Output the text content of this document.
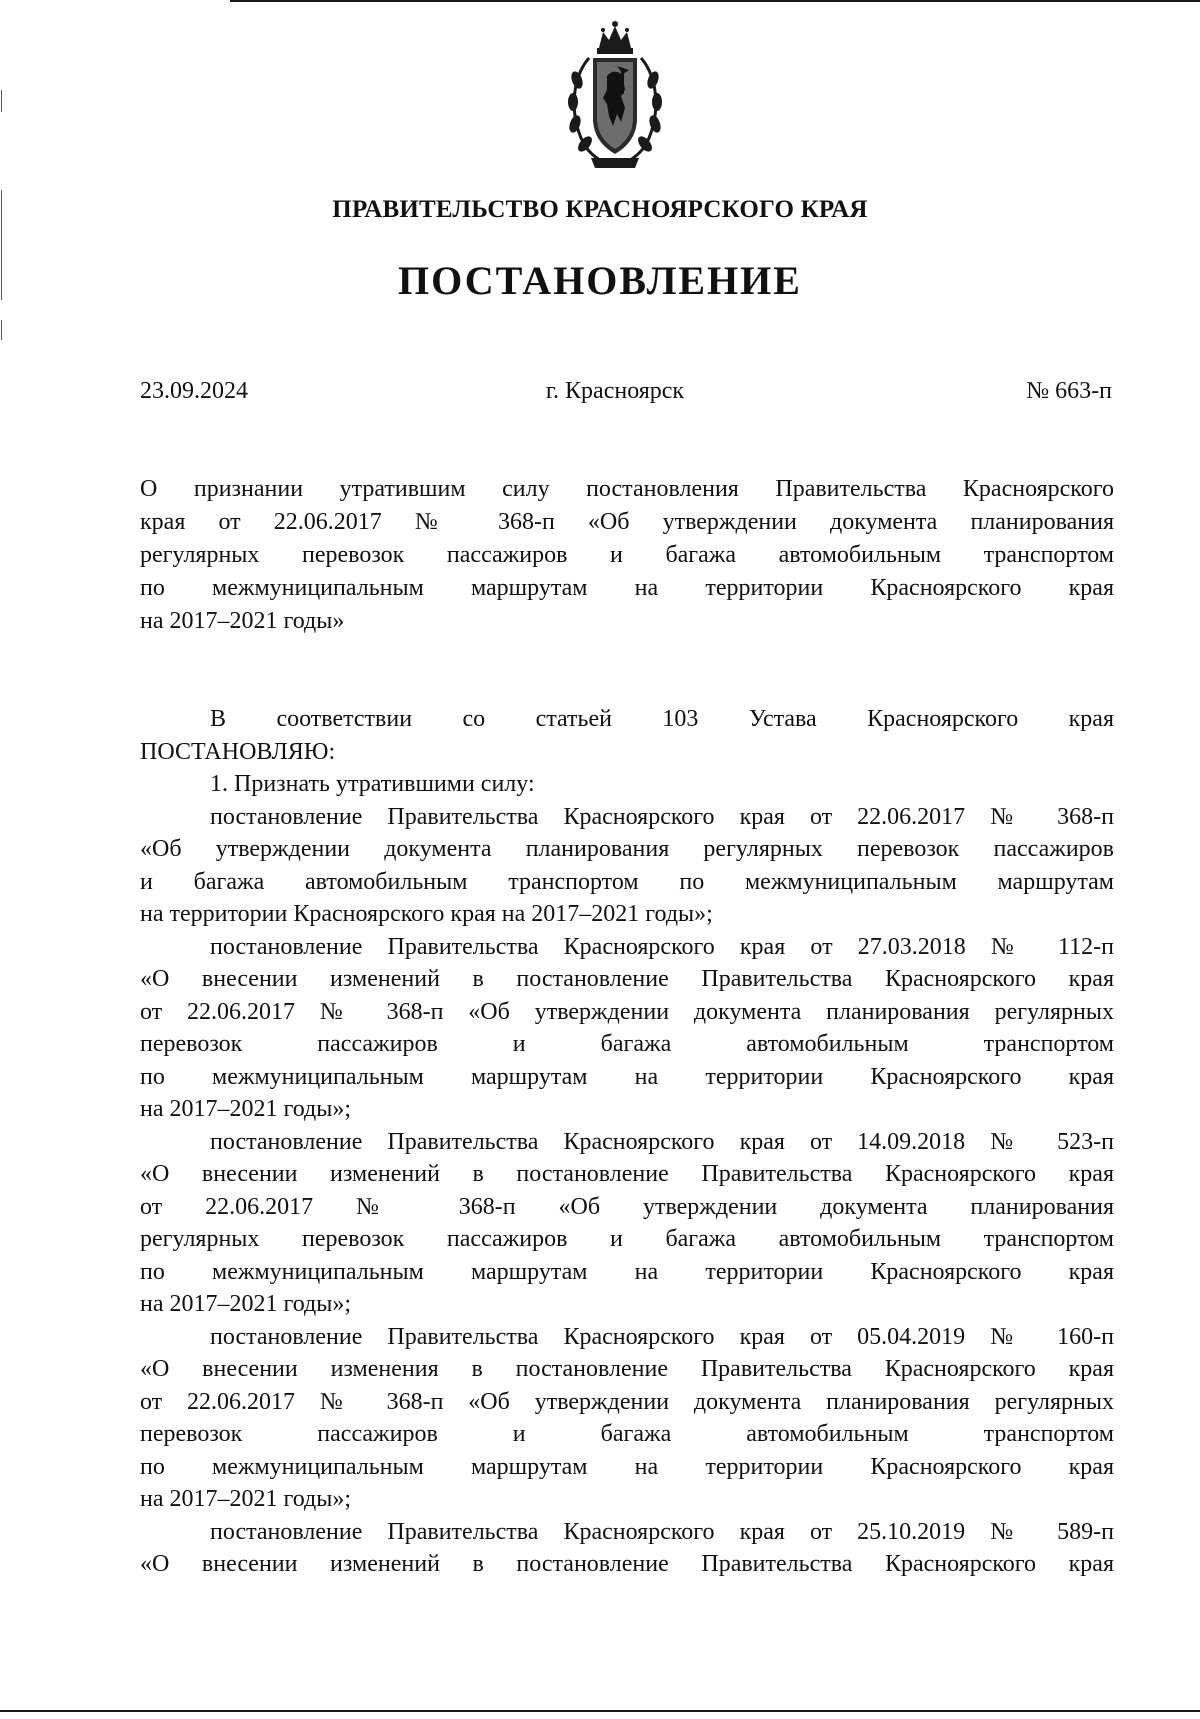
ПРАВИТЕЛЬСТВО КРАСНОЯРСКОГО КРАЯ
ПОСТАНОВЛЕНИЕ
23.09.2024	г. Красноярск	№ 663-п
О признании утратившим силу постановления Правительства Красноярского
края от 22.06.2017 № 368-п «Об утверждении документа планирования
регулярных перевозок пассажиров и багажа автомобильным транспортом
по межмуниципальным маршрутам на территории Красноярского края
на 2017–2021 годы»
В соответствии со статьей 103 Устава Красноярского края
ПОСТАНОВЛЯЮ:
1. Признать утратившими силу:
постановление Правительства Красноярского края от 22.06.2017 № 368-п
«Об утверждении документа планирования регулярных перевозок пассажиров
и багажа автомобильным транспортом по межмуниципальным маршрутам
на территории Красноярского края на 2017–2021 годы»;
постановление Правительства Красноярского края от 27.03.2018 № 112-п
«О внесении изменений в постановление Правительства Красноярского края
от 22.06.2017 № 368-п «Об утверждении документа планирования регулярных
перевозок пассажиров и багажа автомобильным транспортом
по межмуниципальным маршрутам на территории Красноярского края
на 2017–2021 годы»;
постановление Правительства Красноярского края от 14.09.2018 № 523-п
«О внесении изменений в постановление Правительства Красноярского края
от 22.06.2017 № 368-п «Об утверждении документа планирования
регулярных перевозок пассажиров и багажа автомобильным транспортом
по межмуниципальным маршрутам на территории Красноярского края
на 2017–2021 годы»;
постановление Правительства Красноярского края от 05.04.2019 № 160-п
«О внесении изменения в постановление Правительства Красноярского края
от 22.06.2017 № 368-п «Об утверждении документа планирования регулярных
перевозок пассажиров и багажа автомобильным транспортом
по межмуниципальным маршрутам на территории Красноярского края
на 2017–2021 годы»;
постановление Правительства Красноярского края от 25.10.2019 № 589-п
«О внесении изменений в постановление Правительства Красноярского края
